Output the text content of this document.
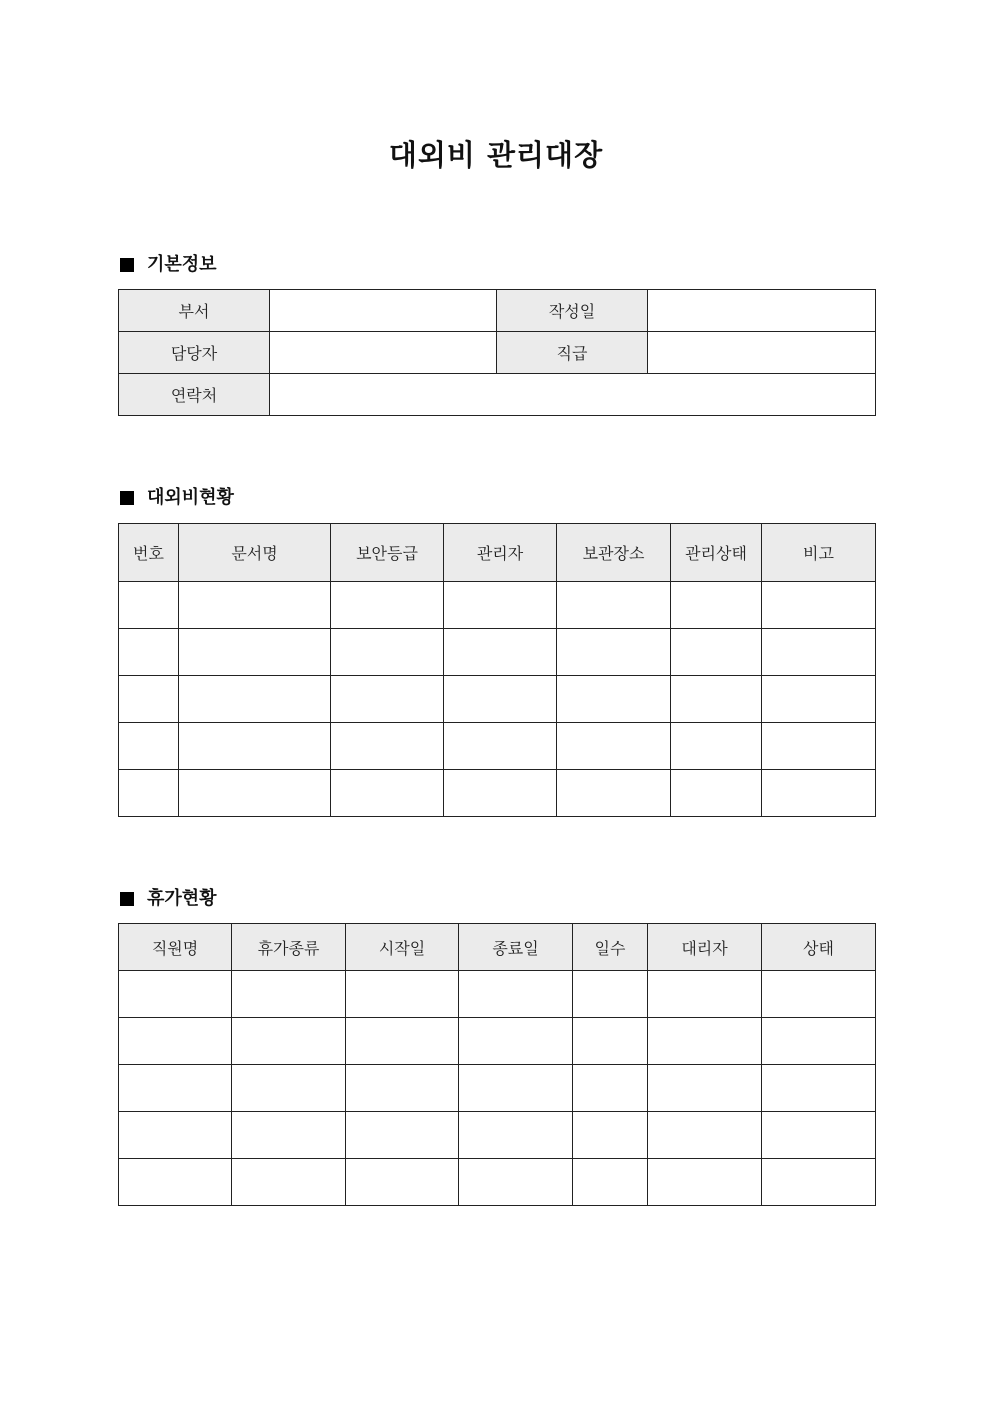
대외비 관리대장
기본정보
부서		작성일	
담당자		직급	
연락처			
대외비현황
번호	문서명	보안등급	관리자	보관장소	관리상태	비고

휴가현황
직원명	휴가종류	시작일	종료일	일수	대리자	상태
